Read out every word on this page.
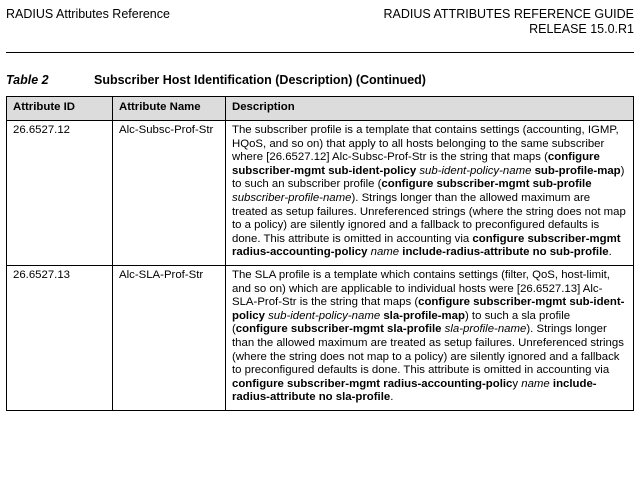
RADIUS Attributes Reference	RADIUS ATTRIBUTES REFERENCE GUIDE
RELEASE 15.0.R1
Table 2	Subscriber Host Identification (Description) (Continued)
Attribute ID	Attribute Name	Description
26.6527.12	Alc-Subsc-Prof-Str	The subscriber profile is a template that contains settings (accounting, IGMP, HQoS, and so on) that apply to all hosts belonging to the same subscriber where [26.6527.12] Alc-Subsc-Prof-Str is the string that maps (configure subscriber-mgmt sub-ident-policy sub-ident-policy-name sub-profile-map) to such an subscriber profile (configure subscriber-mgmt sub-profile subscriber-profile-name). Strings longer than the allowed maximum are treated as setup failures. Unreferenced strings (where the string does not map to a policy) are silently ignored and a fallback to preconfigured defaults is done. This attribute is omitted in accounting via configure subscriber-mgmt radius-accounting-policy name include-radius-attribute no sub-profile.
26.6527.13	Alc-SLA-Prof-Str	The SLA profile is a template which contains settings (filter, QoS, host-limit, and so on) which are applicable to individual hosts were [26.6527.13] Alc-SLA-Prof-Str is the string that maps (configure subscriber-mgmt sub-ident-policy sub-ident-policy-name sla-profile-map) to such a sla profile (configure subscriber-mgmt sla-profile sla-profile-name). Strings longer than the allowed maximum are treated as setup failures. Unreferenced strings (where the string does not map to a policy) are silently ignored and a fallback to preconfigured defaults is done. This attribute is omitted in accounting via configure subscriber-mgmt radius-accounting-policy name include-radius-attribute no sla-profile.
